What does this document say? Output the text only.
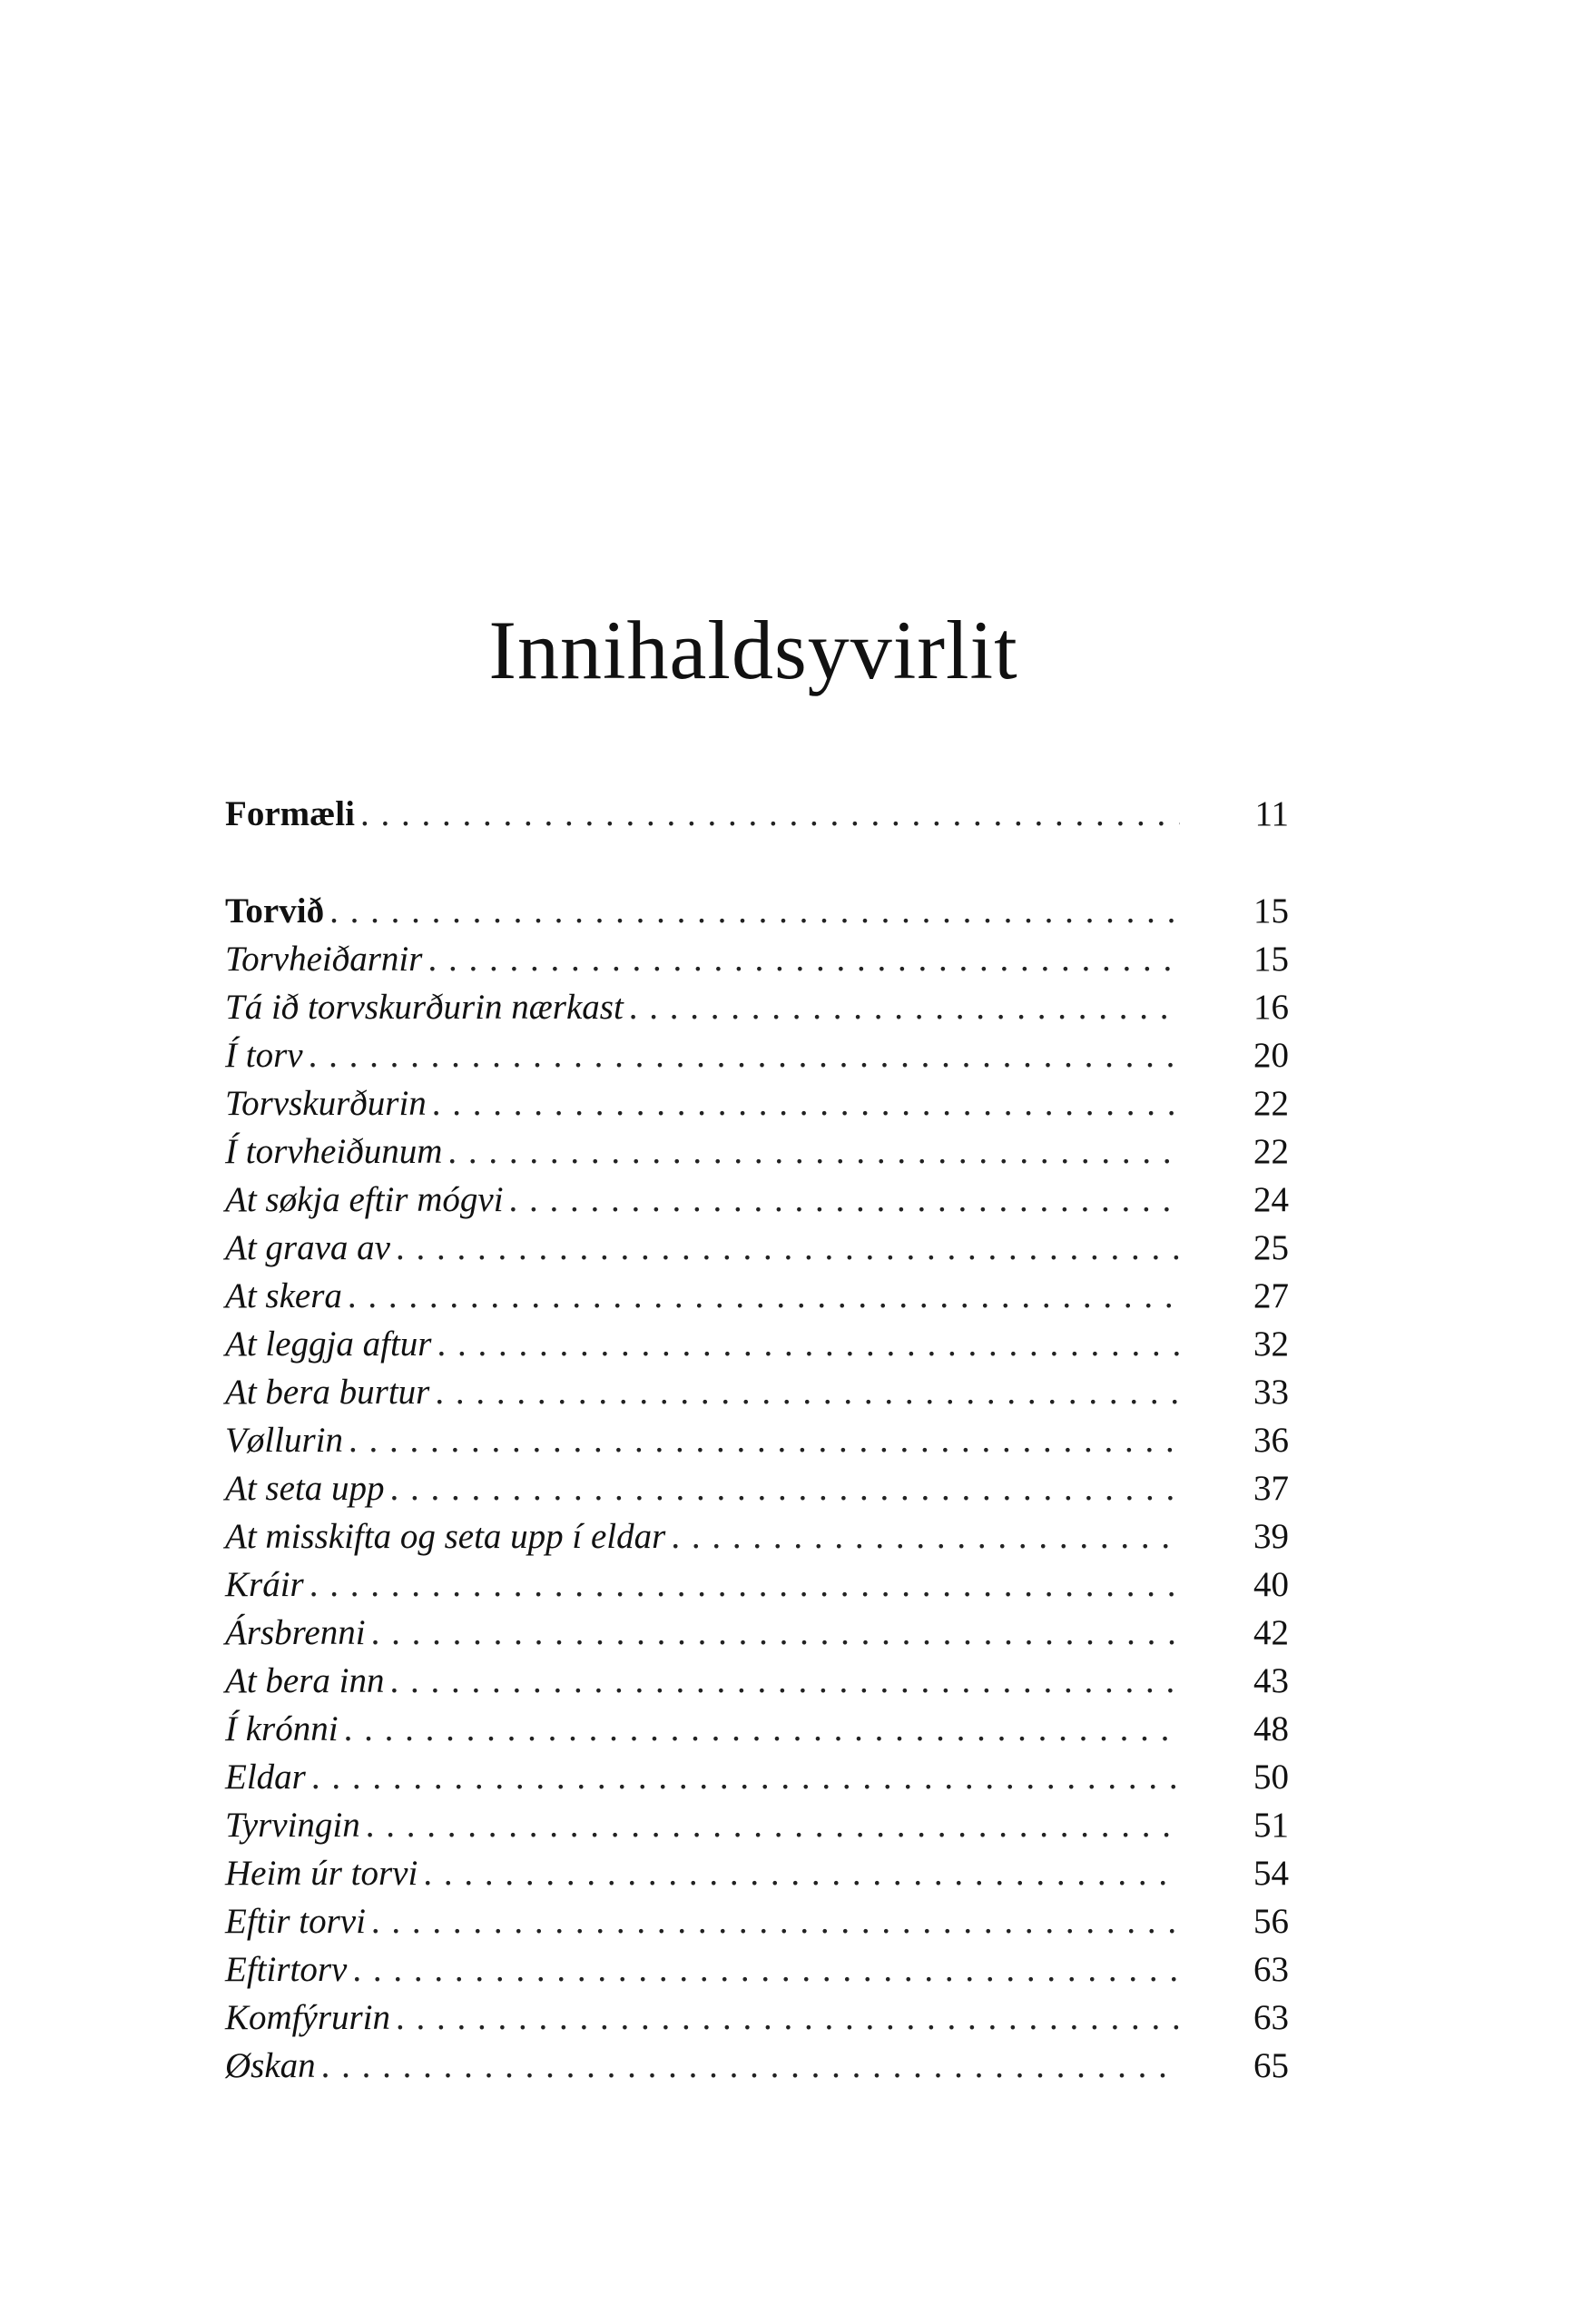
Innihaldsyvirlit
Formæli . . .	11
Torvið . . .	15
Torvheiðarnir . . .	15
Tá ið torvskurðurin nærkast . . .	16
Í torv . . .	20
Torvskurðurin . . .	22
Í torvheiðunum . . .	22
At søkja eftir mógvi . . .	24
At grava av . . .	25
At skera . . .	27
At leggja aftur . . .	32
At bera burtur . . .	33
Vøllurin . . .	36
At seta upp . . .	37
At misskifta og seta upp í eldar . . .	39
Kráir . . .	40
Ársbrenni . . .	42
At bera inn . . .	43
Í krónni . . .	48
Eldar . . .	50
Tyrvingin . . .	51
Heim úr torvi . . .	54
Eftir torvi . . .	56
Eftirtorv . . .	63
Komfýrurin . . .	63
Øskan . . .	65
